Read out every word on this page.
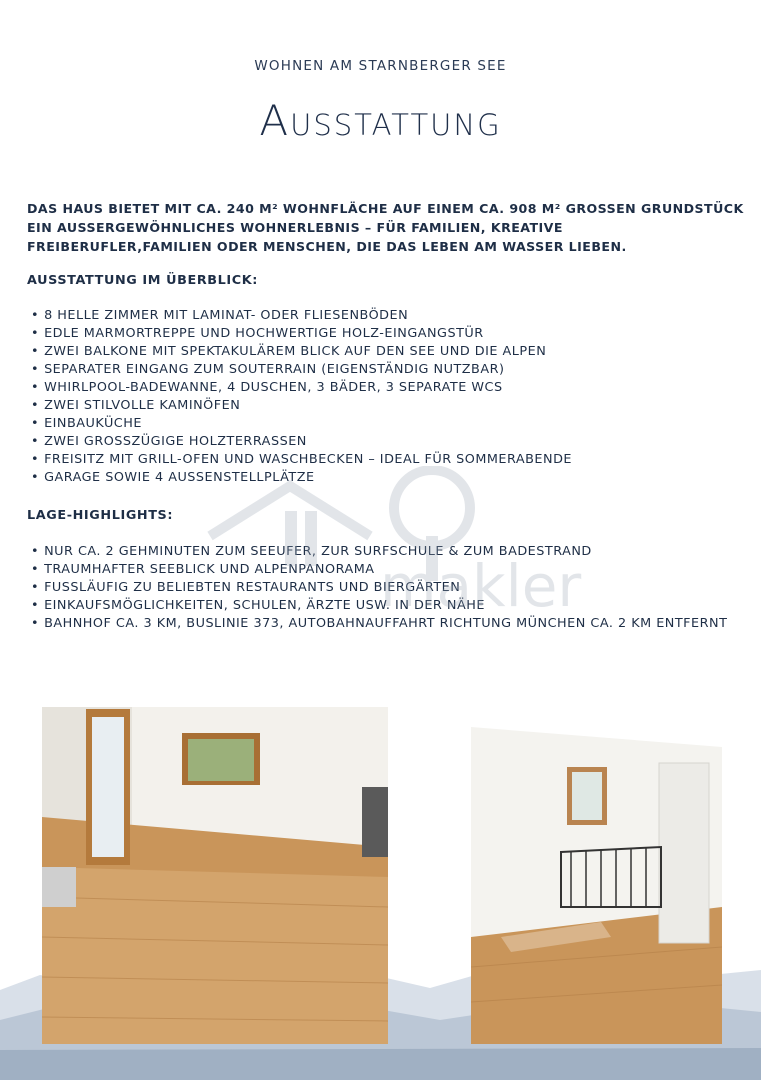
WOHNEN AM STARNBERGER SEE
Ausstattung
DAS HAUS BIETET MIT CA. 240 M² WOHNFLÄCHE AUF EINEM CA. 908 M² GROSSEN GRUNDSTÜCK EIN AUSSERGEWÖHNLICHES WOHNERLEBNIS – FÜR FAMILIEN, KREATIVE FREIBERUFLER,FAMILIEN ODER MENSCHEN, DIE DAS LEBEN AM WASSER LIEBEN.
AUSSTATTUNG IM ÜBERBLICK:
• 8 HELLE ZIMMER MIT LAMINAT- ODER FLIESENBÖDEN
• EDLE MARMORTREPPE UND HOCHWERTIGE HOLZ-EINGANGSTÜR
• ZWEI BALKONE MIT SPEKTAKULÄREM BLICK AUF DEN SEE UND DIE ALPEN
• SEPARATER EINGANG ZUM SOUTERRAIN (EIGENSTÄNDIG NUTZBAR)
• WHIRLPOOL-BADEWANNE, 4 DUSCHEN, 3 BÄDER, 3 SEPARATE WCS
• ZWEI STILVOLLE KAMINÖFEN
• EINBAUKÜCHE
• ZWEI GROSSZÜGIGE HOLZTERRASSEN
• FREISITZ MIT GRILL-OFEN UND WASCHBECKEN – IDEAL FÜR SOMMERABENDE
• GARAGE SOWIE 4 AUSSENSTELLPLÄTZE
LAGE-HIGHLIGHTS:
• NUR CA. 2 GEHMINUTEN ZUM SEEUFER, ZUR SURFSCHULE & ZUM BADESTRAND
• TRAUMHAFTER SEEBLICK UND ALPENPANORAMA
• FUSSLÄUFIG ZU BELIEBTEN RESTAURANTS UND BIERGÄRTEN
• EINKAUFSMÖGLICHKEITEN, SCHULEN, ÄRZTE USW. IN DER NÄHE
• BAHNHOF CA. 3 KM, BUSLINIE 373, AUTOBAHNAUFFAHRT RICHTUNG MÜNCHEN CA. 2 KM ENTFERNT
makler
